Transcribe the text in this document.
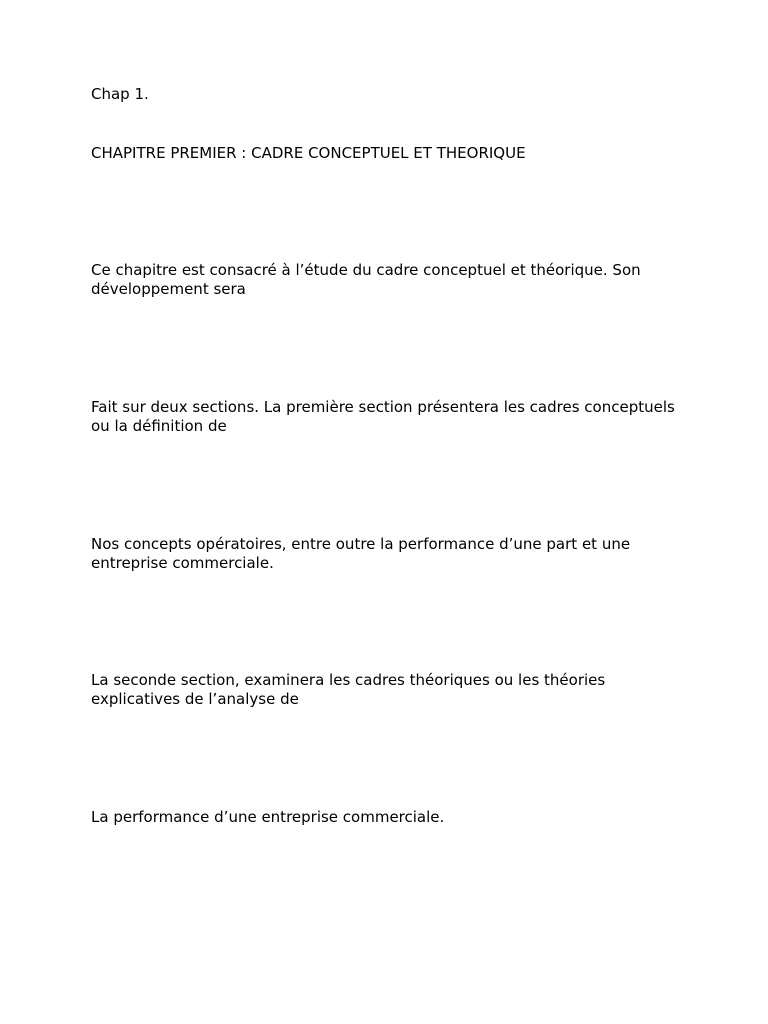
Chap 1.

CHAPITRE PREMIER : CADRE CONCEPTUEL ET THEORIQUE

Ce chapitre est consacré à l’étude du cadre conceptuel et théorique. Son développement sera

Fait sur deux sections. La première section présentera les cadres conceptuels ou la définition de

Nos concepts opératoires, entre outre la performance d’une part et une entreprise commerciale.

La seconde section, examinera les cadres théoriques ou les théories explicatives de l’analyse de

La performance d’une entreprise commerciale.
